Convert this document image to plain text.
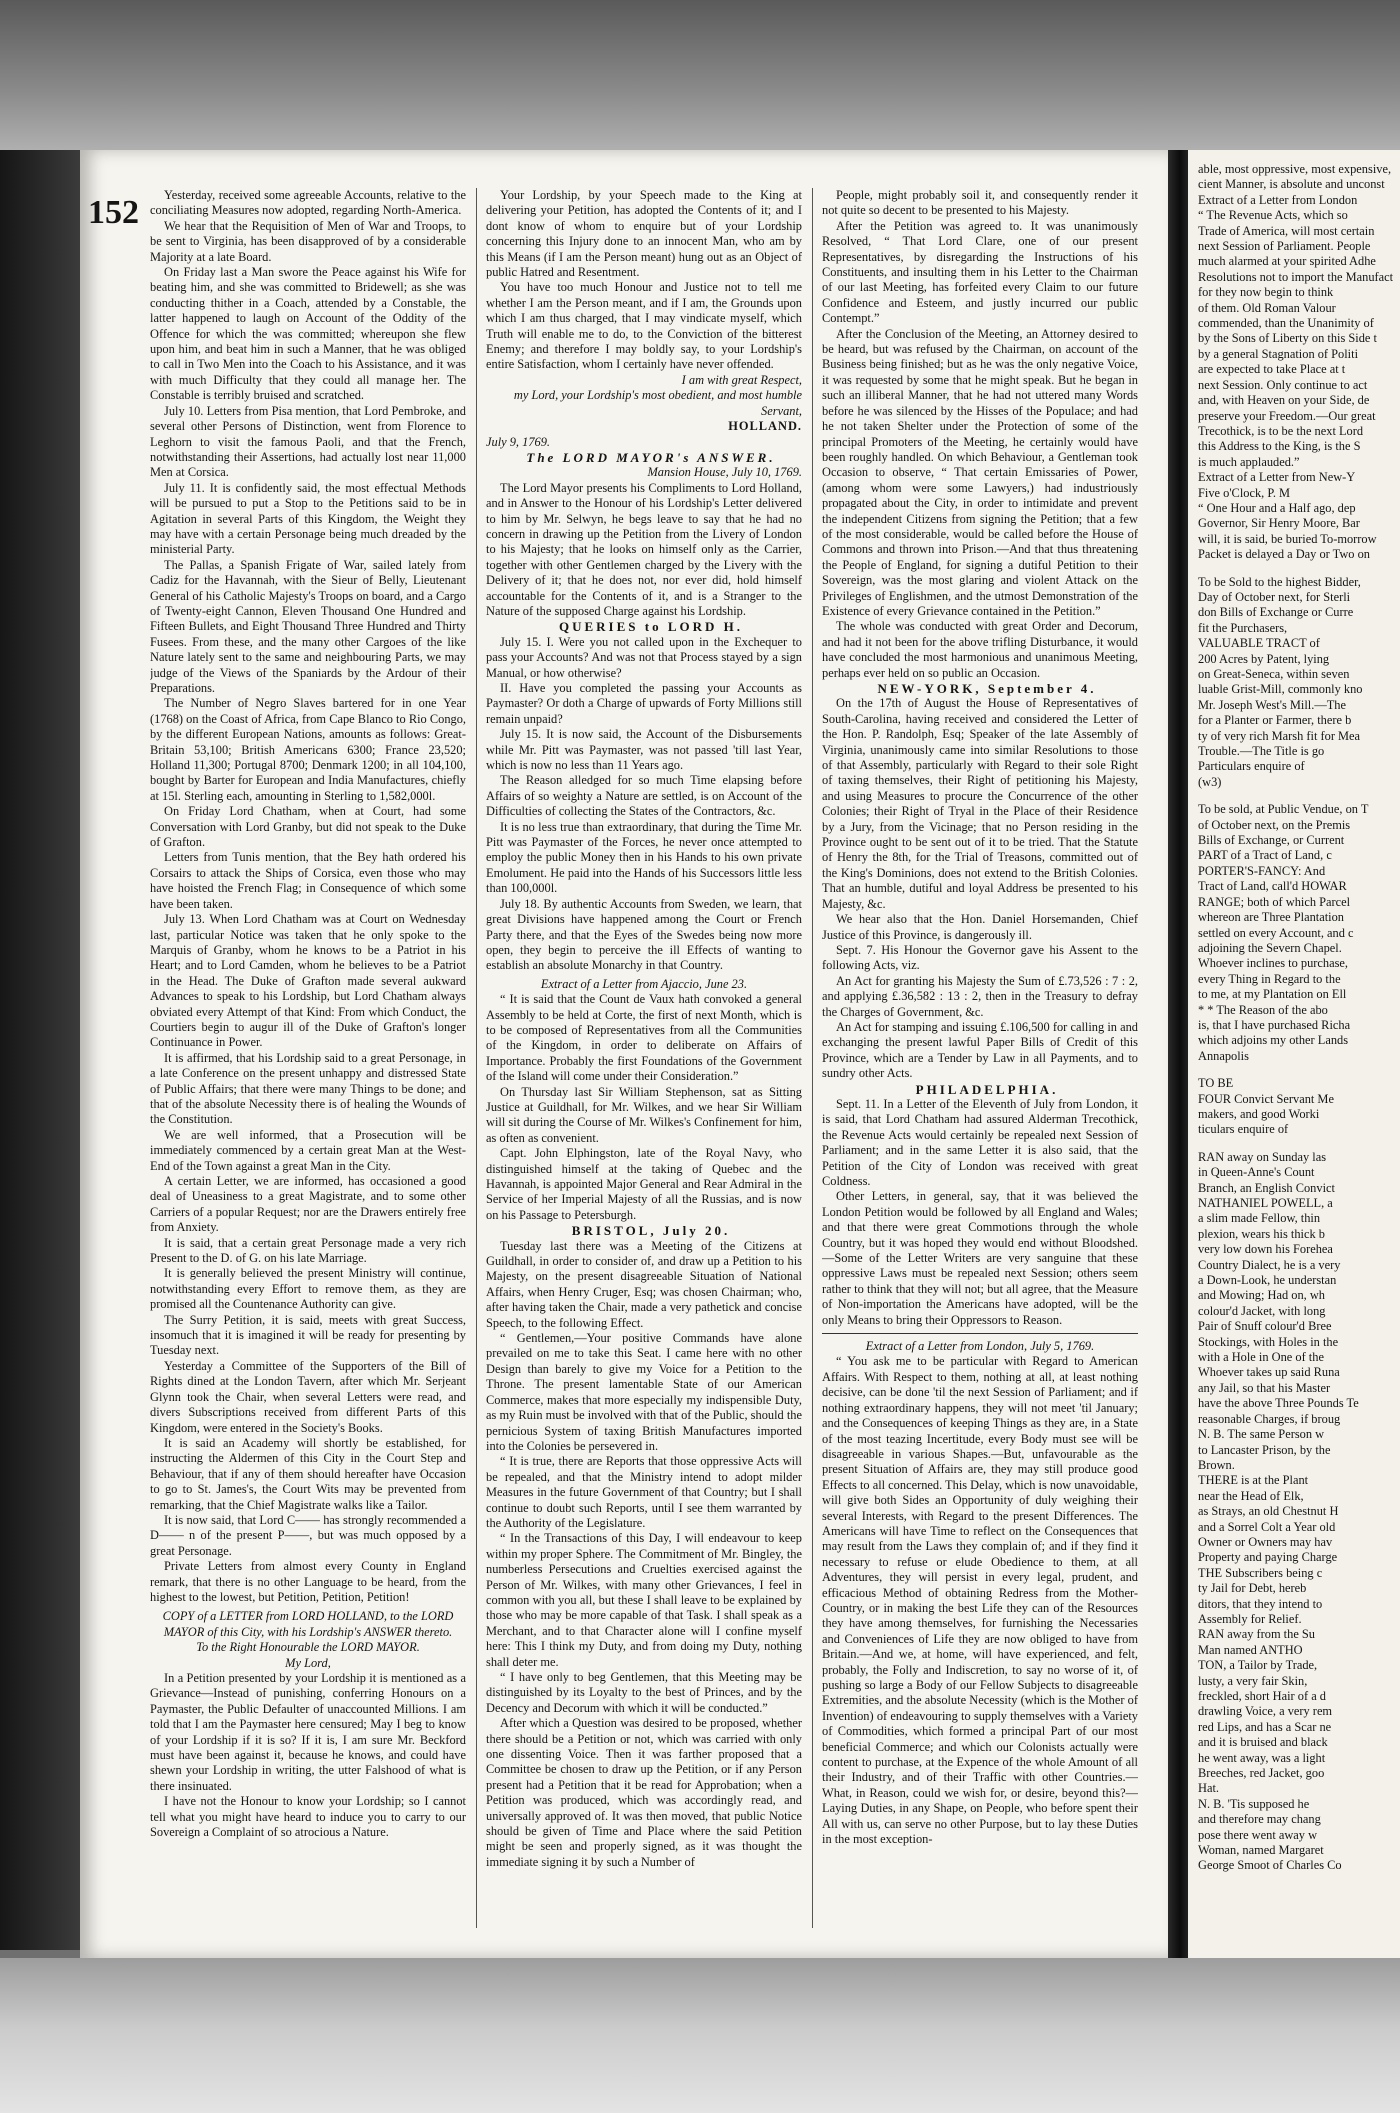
152	Yesterday, received some agreeable Accounts, relative to the conciliating Measures now adopted, regarding North-America.

We hear that the Requisition of Men of War and Troops, to be sent to Virginia, has been disapproved of by a considerable Majority at a late Board.

On Friday last a Man swore the Peace against his Wife for beating him, and she was committed to Bridewell; as she was conducting thither in a Coach, attended by a Constable, the latter happened to laugh on Account of the Oddity of the Offence for which the was committed; whereupon she flew upon him, and beat him in such a Manner, that he was obliged to call in Two Men into the Coach to his Assistance, and it was with much Difficulty that they could all manage her. The Constable is terribly bruised and scratched.

July 10. Letters from Pisa mention, that Lord Pembroke, and several other Persons of Distinction, went from Florence to Leghorn to visit the famous Paoli, and that the French, notwithstanding their Assertions, had actually lost near 11,000 Men at Corsica.

July 11. It is confidently said, the most effectual Methods will be pursued to put a Stop to the Petitions said to be in Agitation in several Parts of this Kingdom, the Weight they may have with a certain Personage being much dreaded by the ministerial Party.

The Pallas, a Spanish Frigate of War, sailed lately from Cadiz for the Havannah, with the Sieur of Belly, Lieutenant General of his Catholic Majesty's Troops on board, and a Cargo of Twenty-eight Cannon, Eleven Thousand One Hundred and Fifteen Bullets, and Eight Thousand Three Hundred and Thirty Fusees. From these, and the many other Cargoes of the like Nature lately sent to the same and neighbouring Parts, we may judge of the Views of the Spaniards by the Ardour of their Preparations.

The Number of Negro Slaves bartered for in one Year (1768) on the Coast of Africa, from Cape Blanco to Rio Congo, by the different European Nations, amounts as follows: Great-Britain 53,100; British Americans 6300; France 23,520; Holland 11,300; Portugal 8700; Denmark 1200; in all 104,100, bought by Barter for European and India Manufactures, chiefly at 15l. Sterling each, amounting in Sterling to 1,582,000l.

On Friday Lord Chatham, when at Court, had some Conversation with Lord Granby, but did not speak to the Duke of Grafton.

Letters from Tunis mention, that the Bey hath ordered his Corsairs to attack the Ships of Corsica, even those who may have hoisted the French Flag; in Consequence of which some have been taken.

July 13. When Lord Chatham was at Court on Wednesday last, particular Notice was taken that he only spoke to the Marquis of Granby, whom he knows to be a Patriot in his Heart; and to Lord Camden, whom he believes to be a Patriot in the Head. The Duke of Grafton made several aukward Advances to speak to his Lordship, but Lord Chatham always obviated every Attempt of that Kind: From which Conduct, the Courtiers begin to augur ill of the Duke of Grafton's longer Continuance in Power.

It is affirmed, that his Lordship said to a great Personage, in a late Conference on the present unhappy and distressed State of Public Affairs; that there were many Things to be done; and that of the absolute Necessity there is of healing the Wounds of the Constitution.

We are well informed, that a Prosecution will be immediately commenced by a certain great Man at the West-End of the Town against a great Man in the City.

A certain Letter, we are informed, has occasioned a good deal of Uneasiness to a great Magistrate, and to some other Carriers of a popular Request; nor are the Drawers entirely free from Anxiety.

It is said, that a certain great Personage made a very rich Present to the D. of G. on his late Marriage.

It is generally believed the present Ministry will continue, notwithstanding every Effort to remove them, as they are promised all the Countenance Authority can give.

The Surry Petition, it is said, meets with great Success, insomuch that it is imagined it will be ready for presenting by Tuesday next.

Yesterday a Committee of the Supporters of the Bill of Rights dined at the London Tavern, after which Mr. Serjeant Glynn took the Chair, when several Letters were read, and divers Subscriptions received from different Parts of this Kingdom, were entered in the Society's Books.

It is said an Academy will shortly be established, for instructing the Aldermen of this City in the Court Step and Behaviour, that if any of them should hereafter have Occasion to go to St. James's, the Court Wits may be prevented from remarking, that the Chief Magistrate walks like a Tailor.

It is now said, that Lord C—— has strongly recommended a D—— n of the present P——, but was much opposed by a great Personage.

Private Letters from almost every County in England remark, that there is no other Language to be heard, from the highest to the lowest, but Petition, Petition, Petition!

COPY of a LETTER from LORD HOLLAND, to the LORD MAYOR of this City, with his Lordship's ANSWER thereto.

To the Right Honourable the LORD MAYOR.

My Lord,

In a Petition presented by your Lordship it is mentioned as a Grievance—Instead of punishing, conferring Honours on a Paymaster, the Public Defaulter of unaccounted Millions. I am told that I am the Paymaster here censured; May I beg to know of your Lordship if it is so? If it is, I am sure Mr. Beckford must have been against it, because he knows, and could have shewn your Lordship in writing, the utter Falshood of what is there insinuated.

I have not the Honour to know your Lordship; so I cannot tell what you might have heard to induce you to carry to our Sovereign a Complaint of so atrocious a Nature.

Your Lordship, by your Speech made to the King at delivering your Petition, has adopted the Contents of it; and I dont know of whom to enquire but of your Lordship concerning this Injury done to an innocent Man, who am by this Means (if I am the Person meant) hung out as an Object of public Hatred and Resentment.

You have too much Honour and Justice not to tell me whether I am the Person meant, and if I am, the Grounds upon which I am thus charged, that I may vindicate myself, which Truth will enable me to do, to the Conviction of the bitterest Enemy; and therefore I may boldly say, to your Lordship's entire Satisfaction, whom I certainly have never offended.

I am with great Respect,

my Lord, your Lordship's most obedient, and most humble Servant,

HOLLAND.

July 9, 1769.

The LORD MAYOR's ANSWER.

Mansion House, July 10, 1769.

The Lord Mayor presents his Compliments to Lord Holland, and in Answer to the Honour of his Lordship's Letter delivered to him by Mr. Selwyn, he begs leave to say that he had no concern in drawing up the Petition from the Livery of London to his Majesty; that he looks on himself only as the Carrier, together with other Gentlemen charged by the Livery with the Delivery of it; that he does not, nor ever did, hold himself accountable for the Contents of it, and is a Stranger to the Nature of the supposed Charge against his Lordship.

QUERIES to LORD H.

July 15. I. Were you not called upon in the Exchequer to pass your Accounts? And was not that Process stayed by a sign Manual, or how otherwise?

II. Have you completed the passing your Accounts as Paymaster? Or doth a Charge of upwards of Forty Millions still remain unpaid?

July 15. It is now said, the Account of the Disbursements while Mr. Pitt was Paymaster, was not passed 'till last Year, which is now no less than 11 Years ago.

The Reason alledged for so much Time elapsing before Affairs of so weighty a Nature are settled, is on Account of the Difficulties of collecting the States of the Contractors, &c.

It is no less true than extraordinary, that during the Time Mr. Pitt was Paymaster of the Forces, he never once attempted to employ the public Money then in his Hands to his own private Emolument. He paid into the Hands of his Successors little less than 100,000l.

July 18. By authentic Accounts from Sweden, we learn, that great Divisions have happened among the Court or French Party there, and that the Eyes of the Swedes being now more open, they begin to perceive the ill Effects of wanting to establish an absolute Monarchy in that Country.

Extract of a Letter from Ajaccio, June 23.

“ It is said that the Count de Vaux hath convoked a general Assembly to be held at Corte, the first of next Month, which is to be composed of Representatives from all the Communities of the Kingdom, in order to deliberate on Affairs of Importance. Probably the first Foundations of the Government of the Island will come under their Consideration.”

On Thursday last Sir William Stephenson, sat as Sitting Justice at Guildhall, for Mr. Wilkes, and we hear Sir William will sit during the Course of Mr. Wilkes's Confinement for him, as often as convenient.

Capt. John Elphingston, late of the Royal Navy, who distinguished himself at the taking of Quebec and the Havannah, is appointed Major General and Rear Admiral in the Service of her Imperial Majesty of all the Russias, and is now on his Passage to Petersburgh.

BRISTOL, July 20.

Tuesday last there was a Meeting of the Citizens at Guildhall, in order to consider of, and draw up a Petition to his Majesty, on the present disagreeable Situation of National Affairs, when Henry Cruger, Esq; was chosen Chairman; who, after having taken the Chair, made a very pathetick and concise Speech, to the following Effect.

“ Gentlemen,—Your positive Commands have alone prevailed on me to take this Seat. I came here with no other Design than barely to give my Voice for a Petition to the Throne. The present lamentable State of our American Commerce, makes that more especially my indispensible Duty, as my Ruin must be involved with that of the Public, should the pernicious System of taxing British Manufactures imported into the Colonies be persevered in.

“ It is true, there are Reports that those oppressive Acts will be repealed, and that the Ministry intend to adopt milder Measures in the future Government of that Country; but I shall continue to doubt such Reports, until I see them warranted by the Authority of the Legislature.

“ In the Transactions of this Day, I will endeavour to keep within my proper Sphere. The Commitment of Mr. Bingley, the numberless Persecutions and Cruelties exercised against the Person of Mr. Wilkes, with many other Grievances, I feel in common with you all, but these I shall leave to be explained by those who may be more capable of that Task. I shall speak as a Merchant, and to that Character alone will I confine myself here: This I think my Duty, and from doing my Duty, nothing shall deter me.

“ I have only to beg Gentlemen, that this Meeting may be distinguished by its Loyalty to the best of Princes, and by the Decency and Decorum with which it will be conducted.”

After which a Question was desired to be proposed, whether there should be a Petition or not, which was carried with only one dissenting Voice. Then it was farther proposed that a Committee be chosen to draw up the Petition, or if any Person present had a Petition that it be read for Approbation; when a Petition was produced, which was accordingly read, and universally approved of. It was then moved, that public Notice should be given of Time and Place where the said Petition might be seen and properly signed, as it was thought the immediate signing it by such a Number of

People, might probably soil it, and consequently render it not quite so decent to be presented to his Majesty.

After the Petition was agreed to. It was unanimously Resolved, “ That Lord Clare, one of our present Representatives, by disregarding the Instructions of his Constituents, and insulting them in his Letter to the Chairman of our last Meeting, has forfeited every Claim to our future Confidence and Esteem, and justly incurred our public Contempt.”

After the Conclusion of the Meeting, an Attorney desired to be heard, but was refused by the Chairman, on account of the Business being finished; but as he was the only negative Voice, it was requested by some that he might speak. But he began in such an illiberal Manner, that he had not uttered many Words before he was silenced by the Hisses of the Populace; and had he not taken Shelter under the Protection of some of the principal Promoters of the Meeting, he certainly would have been roughly handled. On which Behaviour, a Gentleman took Occasion to observe, “ That certain Emissaries of Power, (among whom were some Lawyers,) had industriously propagated about the City, in order to intimidate and prevent the independent Citizens from signing the Petition; that a few of the most considerable, would be called before the House of Commons and thrown into Prison.—And that thus threatening the People of England, for signing a dutiful Petition to their Sovereign, was the most glaring and violent Attack on the Privileges of Englishmen, and the utmost Demonstration of the Existence of every Grievance contained in the Petition.”

The whole was conducted with great Order and Decorum, and had it not been for the above trifling Disturbance, it would have concluded the most harmonious and unanimous Meeting, perhaps ever held on so public an Occasion.

NEW-YORK, September 4.

On the 17th of August the House of Representatives of South-Carolina, having received and considered the Letter of the Hon. P. Randolph, Esq; Speaker of the late Assembly of Virginia, unanimously came into similar Resolutions to those of that Assembly, particularly with Regard to their sole Right of taxing themselves, their Right of petitioning his Majesty, and using Measures to procure the Concurrence of the other Colonies; their Right of Tryal in the Place of their Residence by a Jury, from the Vicinage; that no Person residing in the Province ought to be sent out of it to be tried. That the Statute of Henry the 8th, for the Trial of Treasons, committed out of the King's Dominions, does not extend to the British Colonies. That an humble, dutiful and loyal Address be presented to his Majesty, &c.

We hear also that the Hon. Daniel Horsemanden, Chief Justice of this Province, is dangerously ill.

Sept. 7. His Honour the Governor gave his Assent to the following Acts, viz.

An Act for granting his Majesty the Sum of £.73,526 : 7 : 2, and applying £.36,582 : 13 : 2, then in the Treasury to defray the Charges of Government, &c.

An Act for stamping and issuing £.106,500 for calling in and exchanging the present lawful Paper Bills of Credit of this Province, which are a Tender by Law in all Payments, and to sundry other Acts.

PHILADELPHIA.

Sept. 11. In a Letter of the Eleventh of July from London, it is said, that Lord Chatham had assured Alderman Trecothick, the Revenue Acts would certainly be repealed next Session of Parliament; and in the same Letter it is also said, that the Petition of the City of London was received with great Coldness.

Other Letters, in general, say, that it was believed the London Petition would be followed by all England and Wales; and that there were great Commotions through the whole Country, but it was hoped they would end without Bloodshed.—Some of the Letter Writers are very sanguine that these oppressive Laws must be repealed next Session; others seem rather to think that they will not; but all agree, that the Measure of Non-importation the Americans have adopted, will be the only Means to bring their Oppressors to Reason.

Extract of a Letter from London, July 5, 1769.

“ You ask me to be particular with Regard to American Affairs. With Respect to them, nothing at all, at least nothing decisive, can be done 'til the next Session of Parliament; and if nothing extraordinary happens, they will not meet 'til January; and the Consequences of keeping Things as they are, in a State of the most teazing Incertitude, every Body must see will be disagreeable in various Shapes.—But, unfavourable as the present Situation of Affairs are, they may still produce good Effects to all concerned. This Delay, which is now unavoidable, will give both Sides an Opportunity of duly weighing their several Interests, with Regard to the present Differences. The Americans will have Time to reflect on the Consequences that may result from the Laws they complain of; and if they find it necessary to refuse or elude Obedience to them, at all Adventures, they will persist in every legal, prudent, and efficacious Method of obtaining Redress from the Mother-Country, or in making the best Life they can of the Resources they have among themselves, for furnishing the Necessaries and Conveniences of Life they are now obliged to have from Britain.—And we, at home, will have experienced, and felt, probably, the Folly and Indiscretion, to say no worse of it, of pushing so large a Body of our Fellow Subjects to disagreeable Extremities, and the absolute Necessity (which is the Mother of Invention) of endeavouring to supply themselves with a Variety of Commodities, which formed a principal Part of our most beneficial Commerce; and which our Colonists actually were content to purchase, at the Expence of the whole Amount of all their Industry, and of their Traffic with other Countries.—What, in Reason, could we wish for, or desire, beyond this?—Laying Duties, in any Shape, on People, who before spent their All with us, can serve no other Purpose, but to lay these Duties in the most exception-

able, most oppressive, most expensive,

cient Manner, is absolute and unconst

Extract of a Letter from London

“ The Revenue Acts, which so

Trade of America, will most certain

next Session of Parliament. People

much alarmed at your spirited Adhe

Resolutions not to import the Manufact

for they now begin to think

of them. Old Roman Valour

commended, than the Unanimity of

by the Sons of Liberty on this Side t

by a general Stagnation of Politi

are expected to take Place at t

next Session. Only continue to act

and, with Heaven on your Side, de

preserve your Freedom.—Our great

Trecothick, is to be the next Lord

this Address to the King, is the S

is much applauded.”

Extract of a Letter from New-Y

Five o'Clock, P. M

“ One Hour and a Half ago, dep

Governor, Sir Henry Moore, Bar

will, it is said, be buried To-morrow

Packet is delayed a Day or Two on

To be Sold to the highest Bidder,

Day of October next, for Sterli

don Bills of Exchange or Curre

fit the Purchasers,

VALUABLE TRACT of

200 Acres by Patent, lying

on Great-Seneca, within seven

luable Grist-Mill, commonly kno

Mr. Joseph West's Mill.—The

for a Planter or Farmer, there b

ty of very rich Marsh fit for Mea

Trouble.—The Title is go

Particulars enquire of

(w3)

To be sold, at Public Vendue, on T

of October next, on the Premis

Bills of Exchange, or Current

PART of a Tract of Land, c

PORTER'S-FANCY: And

Tract of Land, call'd HOWAR

RANGE; both of which Parcel

whereon are Three Plantation

settled on every Account, and c

adjoining the Severn Chapel.

Whoever inclines to purchase,

every Thing in Regard to the

to me, at my Plantation on Ell

* * The Reason of the abo

is, that I have purchased Richa

which adjoins my other Lands

Annapolis

TO BE

FOUR Convict Servant Me

makers, and good Worki

ticulars enquire of

RAN away on Sunday las

in Queen-Anne's Count

Branch, an English Convict

NATHANIEL POWELL, a

a slim made Fellow, thin

plexion, wears his thick b

very low down his Forehea

Country Dialect, he is a very

a Down-Look, he understan

and Mowing; Had on, wh

colour'd Jacket, with long

Pair of Snuff colour'd Bree

Stockings, with Holes in the

with a Hole in One of the

Whoever takes up said Runa

any Jail, so that his Master

have the above Three Pounds Te

reasonable Charges, if broug

N. B. The same Person w

to Lancaster Prison, by the

Brown.

THERE is at the Plant

near the Head of Elk,

as Strays, an old Chestnut H

and a Sorrel Colt a Year old

Owner or Owners may hav

Property and paying Charge

THE Subscribers being c

ty Jail for Debt, hereb

ditors, that they intend to

Assembly for Relief.

RAN away from the Su

Man named ANTHO

TON, a Tailor by Trade,

lusty, a very fair Skin,

freckled, short Hair of a d

drawling Voice, a very rem

red Lips, and has a Scar ne

and it is bruised and black

he went away, was a light

Breeches, red Jacket, goo

Hat.

N. B. 'Tis supposed he

and therefore may chang

pose there went away w

Woman, named Margaret

George Smoot of Charles Co
